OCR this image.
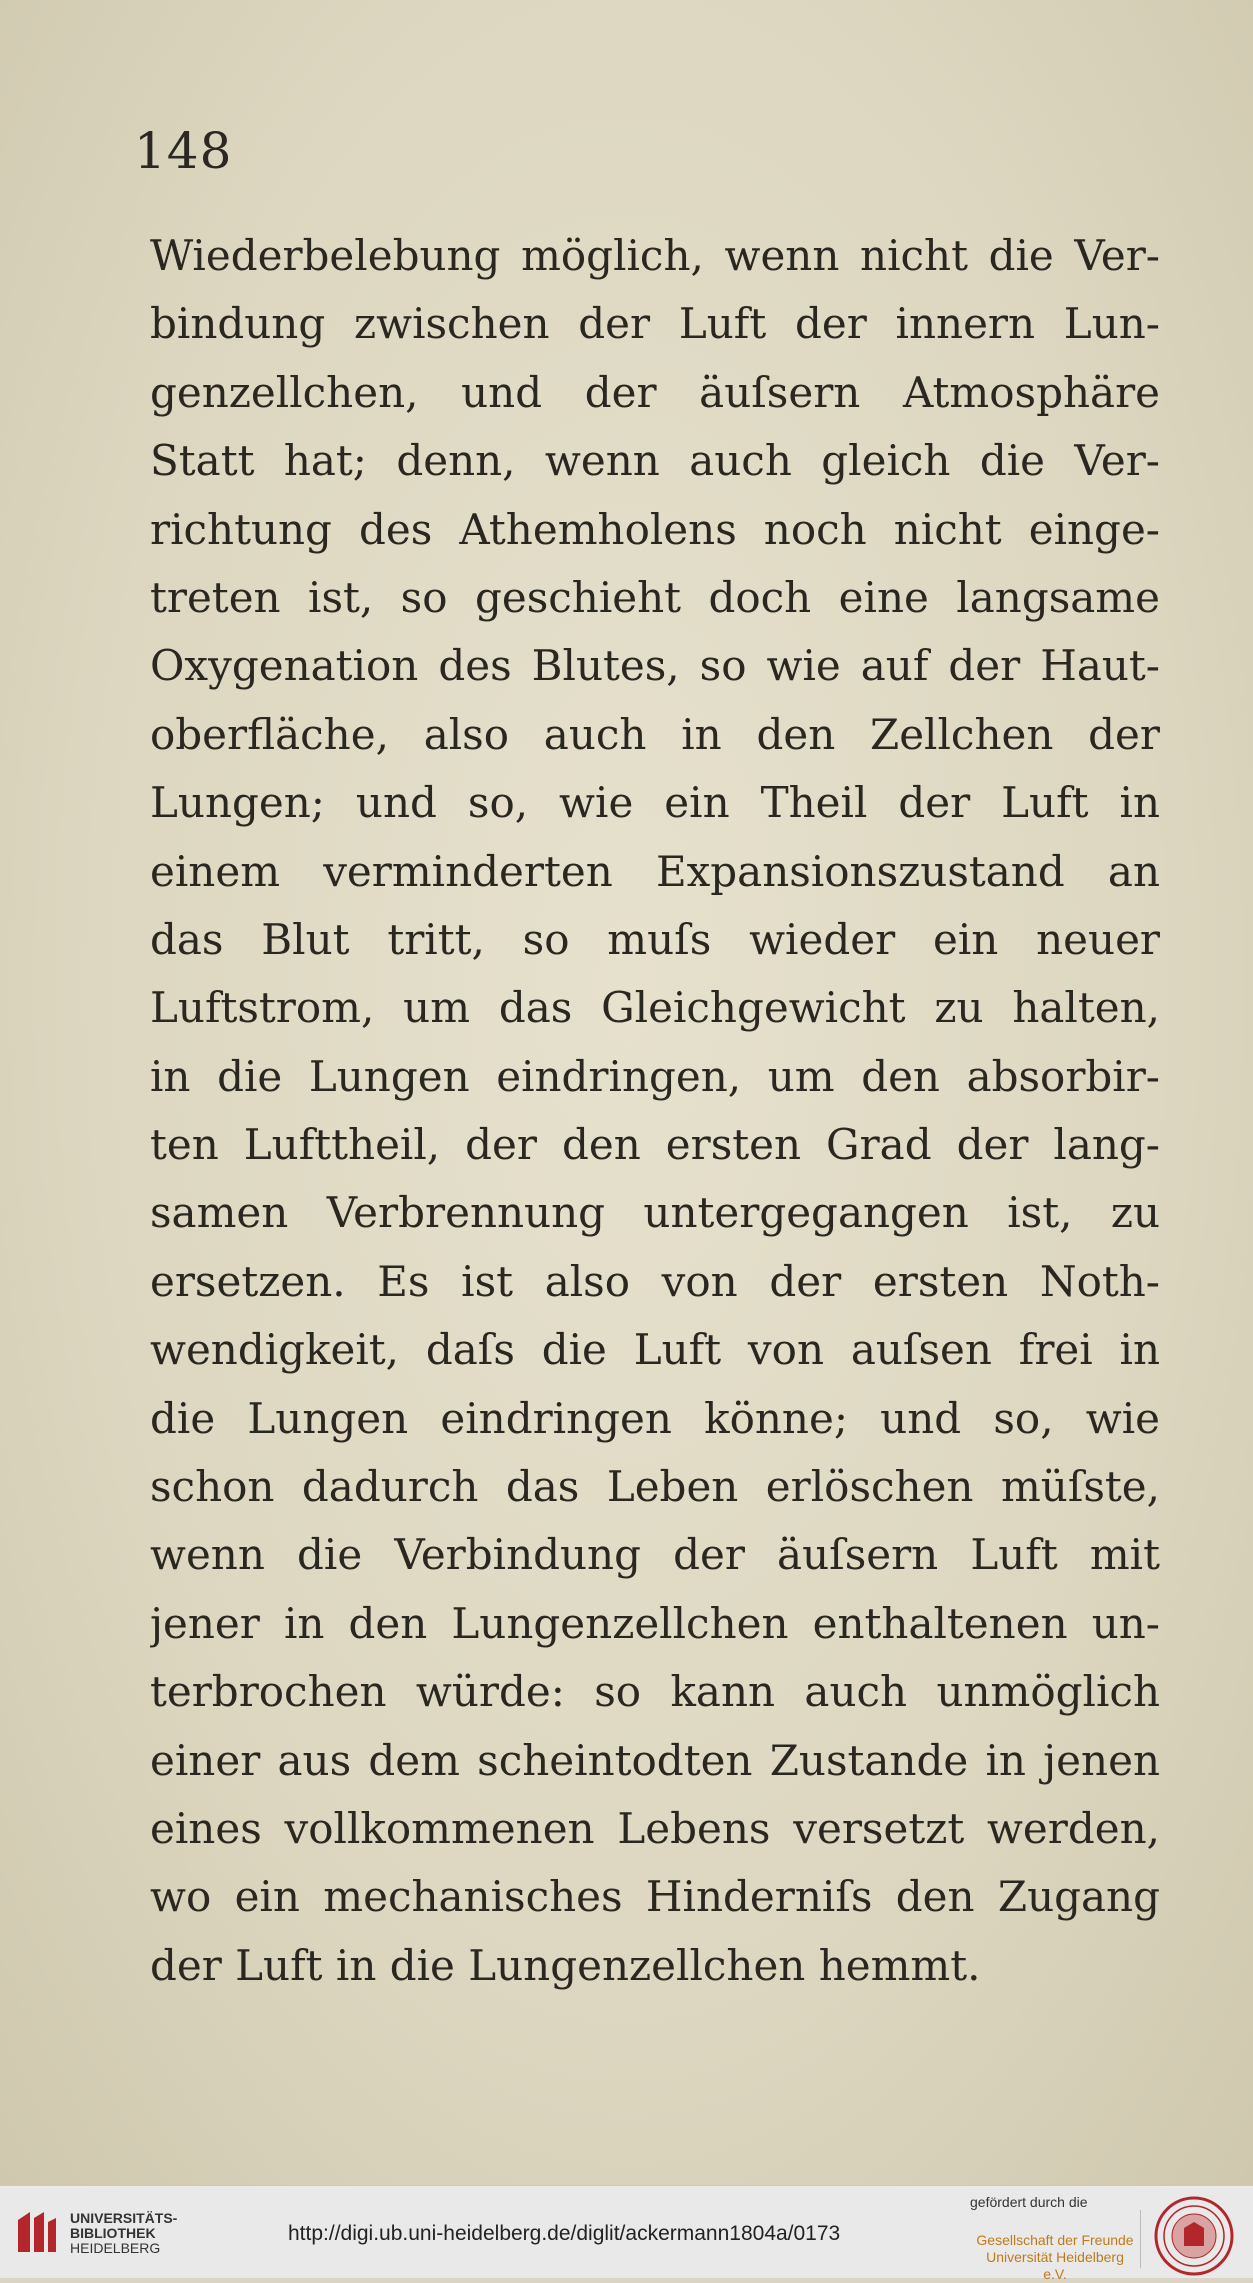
148
Wiederbelebung möglich, wenn nicht die Ver-
bindung zwischen der Luft der innern Lun-
genzellchen, und der äuſsern Atmosphäre
Statt hat; denn, wenn auch gleich die Ver-
richtung des Athemholens noch nicht einge-
treten ist, so geschieht doch eine langsame
Oxygenation des Blutes, so wie auf der Haut-
oberfläche, also auch in den Zellchen der
Lungen; und so, wie ein Theil der Luft in
einem verminderten Expansionszustand an
das Blut tritt, so muſs wieder ein neuer
Luftstrom, um das Gleichgewicht zu halten,
in die Lungen eindringen, um den absorbir-
ten Lufttheil, der den ersten Grad der lang-
samen Verbrennung untergegangen ist, zu
ersetzen. Es ist also von der ersten Noth-
wendigkeit, daſs die Luft von auſsen frei in
die Lungen eindringen könne; und so, wie
schon dadurch das Leben erlöschen müſste,
wenn die Verbindung der äuſsern Luft mit
jener in den Lungenzellchen enthaltenen un-
terbrochen würde: so kann auch unmöglich
einer aus dem scheintodten Zustande in jenen
eines vollkommenen Lebens versetzt werden,
wo ein mechanisches Hinderniſs den Zugang
der Luft in die Lungenzellchen hemmt.
UNIVERSITÄTS-
BIBLIOTHEK
HEIDELBERG
http://digi.ub.uni-heidelberg.de/diglit/ackermann1804a/0173
gefördert durch die
Gesellschaft der Freunde
Universität Heidelberg e.V.
